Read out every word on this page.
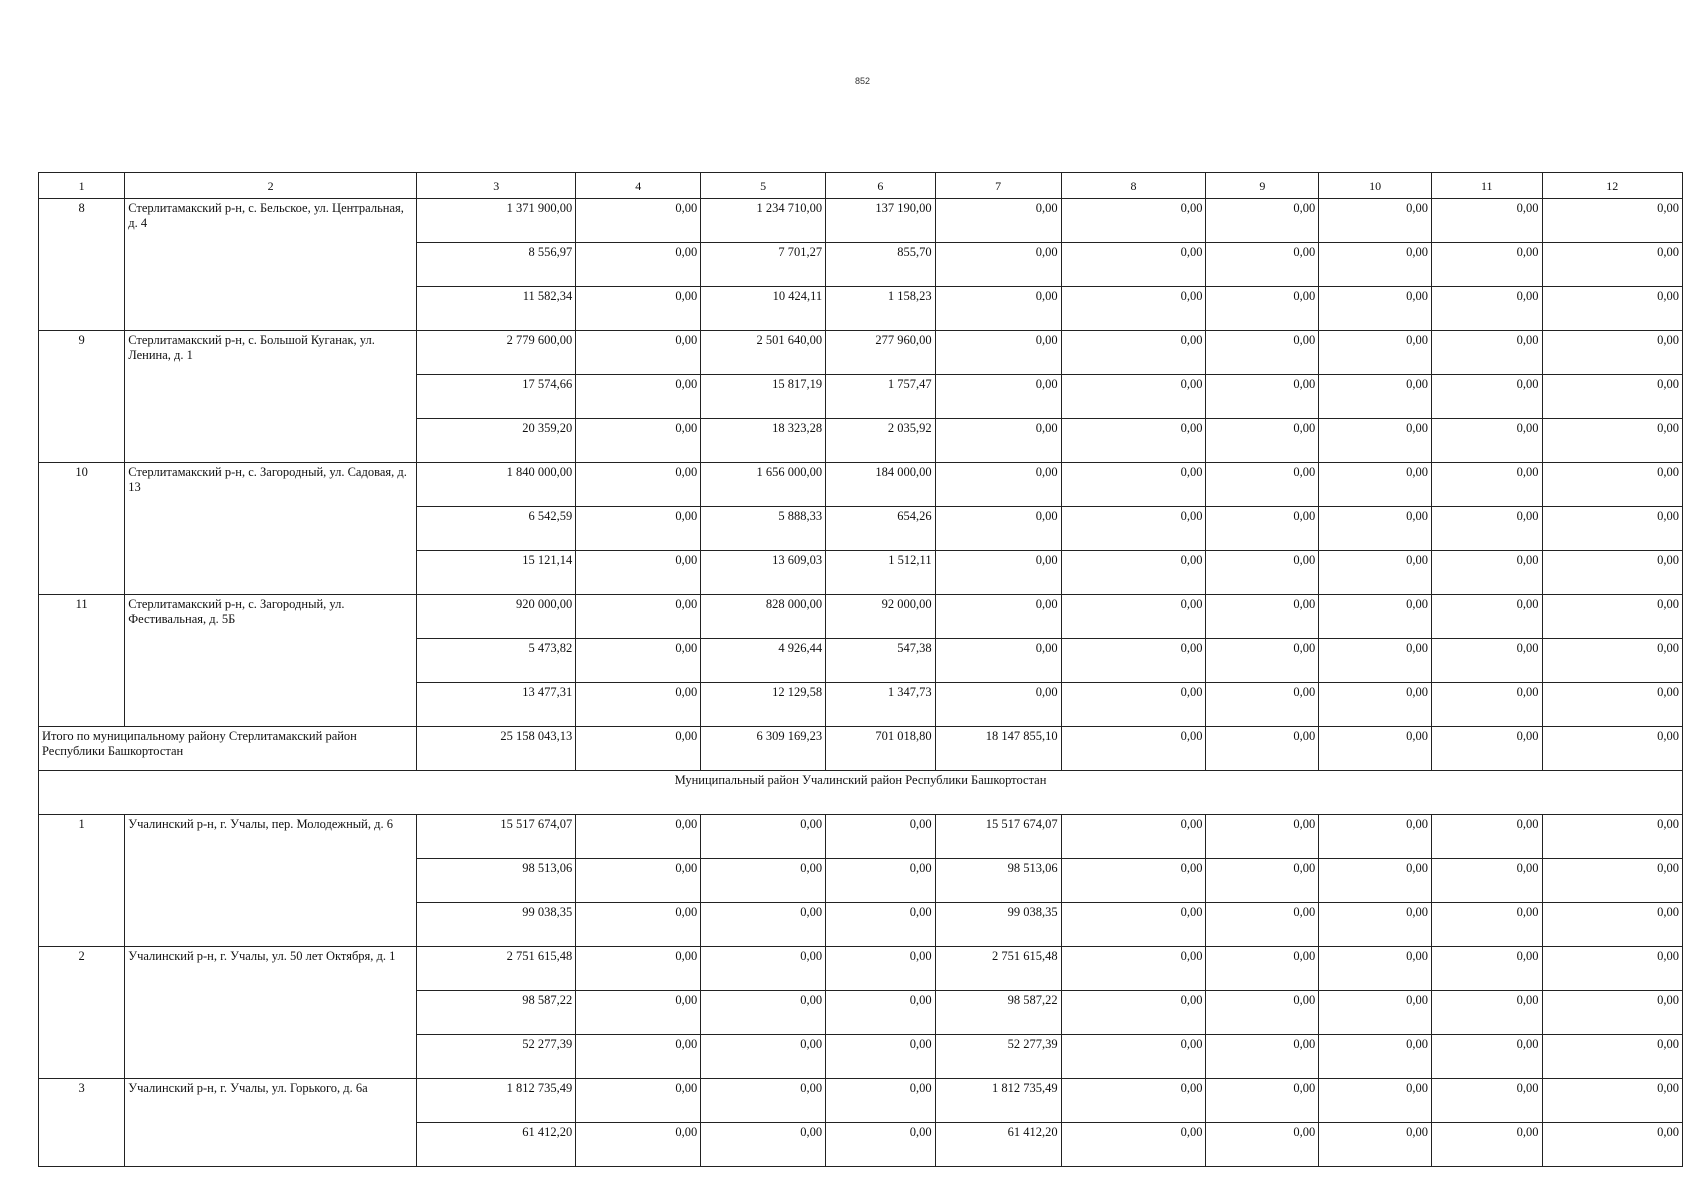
852
1	2	3	4	5	6	7	8	9	10	11	12
8	Стерлитамакский р-н, с. Бельское, ул. Центральная, д. 4	1 371 900,00	0,00	1 234 710,00	137 190,00	0,00	0,00	0,00	0,00	0,00	0,00
		8 556,97	0,00	7 701,27	855,70	0,00	0,00	0,00	0,00	0,00	0,00
		11 582,34	0,00	10 424,11	1 158,23	0,00	0,00	0,00	0,00	0,00	0,00
9	Стерлитамакский р-н, с. Большой Куганак, ул. Ленина, д. 1	2 779 600,00	0,00	2 501 640,00	277 960,00	0,00	0,00	0,00	0,00	0,00	0,00
		17 574,66	0,00	15 817,19	1 757,47	0,00	0,00	0,00	0,00	0,00	0,00
		20 359,20	0,00	18 323,28	2 035,92	0,00	0,00	0,00	0,00	0,00	0,00
10	Стерлитамакский р-н, с. Загородный, ул. Садовая, д. 13	1 840 000,00	0,00	1 656 000,00	184 000,00	0,00	0,00	0,00	0,00	0,00	0,00
		6 542,59	0,00	5 888,33	654,26	0,00	0,00	0,00	0,00	0,00	0,00
		15 121,14	0,00	13 609,03	1 512,11	0,00	0,00	0,00	0,00	0,00	0,00
11	Стерлитамакский р-н, с. Загородный, ул. Фестивальная, д. 5Б	920 000,00	0,00	828 000,00	92 000,00	0,00	0,00	0,00	0,00	0,00	0,00
		5 473,82	0,00	4 926,44	547,38	0,00	0,00	0,00	0,00	0,00	0,00
		13 477,31	0,00	12 129,58	1 347,73	0,00	0,00	0,00	0,00	0,00	0,00
Итого по муниципальному району Стерлитамакский район Республики Башкортостан		25 158 043,13	0,00	6 309 169,23	701 018,80	18 147 855,10	0,00	0,00	0,00	0,00	0,00
Муниципальный район Учалинский район Республики Башкортостан											
1	Учалинский р-н, г. Учалы, пер. Молодежный, д. 6	15 517 674,07	0,00	0,00	0,00	15 517 674,07	0,00	0,00	0,00	0,00	0,00
		98 513,06	0,00	0,00	0,00	98 513,06	0,00	0,00	0,00	0,00	0,00
		99 038,35	0,00	0,00	0,00	99 038,35	0,00	0,00	0,00	0,00	0,00
2	Учалинский р-н, г. Учалы, ул. 50 лет Октября, д. 1	2 751 615,48	0,00	0,00	0,00	2 751 615,48	0,00	0,00	0,00	0,00	0,00
		98 587,22	0,00	0,00	0,00	98 587,22	0,00	0,00	0,00	0,00	0,00
		52 277,39	0,00	0,00	0,00	52 277,39	0,00	0,00	0,00	0,00	0,00
3	Учалинский р-н, г. Учалы, ул. Горького, д. 6а	1 812 735,49	0,00	0,00	0,00	1 812 735,49	0,00	0,00	0,00	0,00	0,00
		61 412,20	0,00	0,00	0,00	61 412,20	0,00	0,00	0,00	0,00	0,00
